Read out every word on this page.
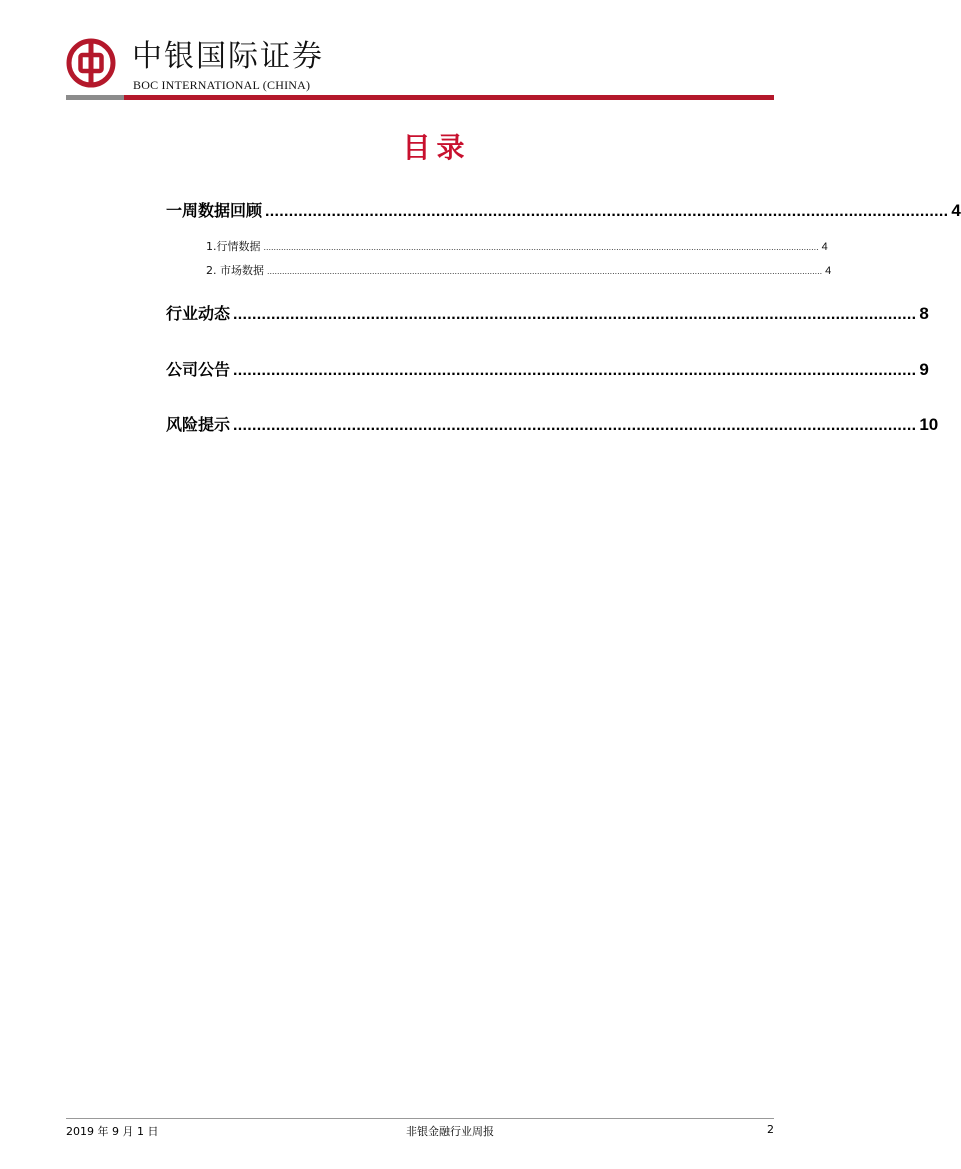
中银国际证券
BOC INTERNATIONAL (CHINA)
目录
一周数据回顾 ................................................................................................................................................ 4
1.行情数据 .............................................................................................................................................................................................................................. 4
2. 市场数据 .............................................................................................................................................................................................................................. 4
行业动态 ................................................................................................................................................ 8
公司公告 ................................................................................................................................................ 9
风险提示 ................................................................................................................................................ 10
2019 年 9 月 1 日	非银金融行业周报	2
